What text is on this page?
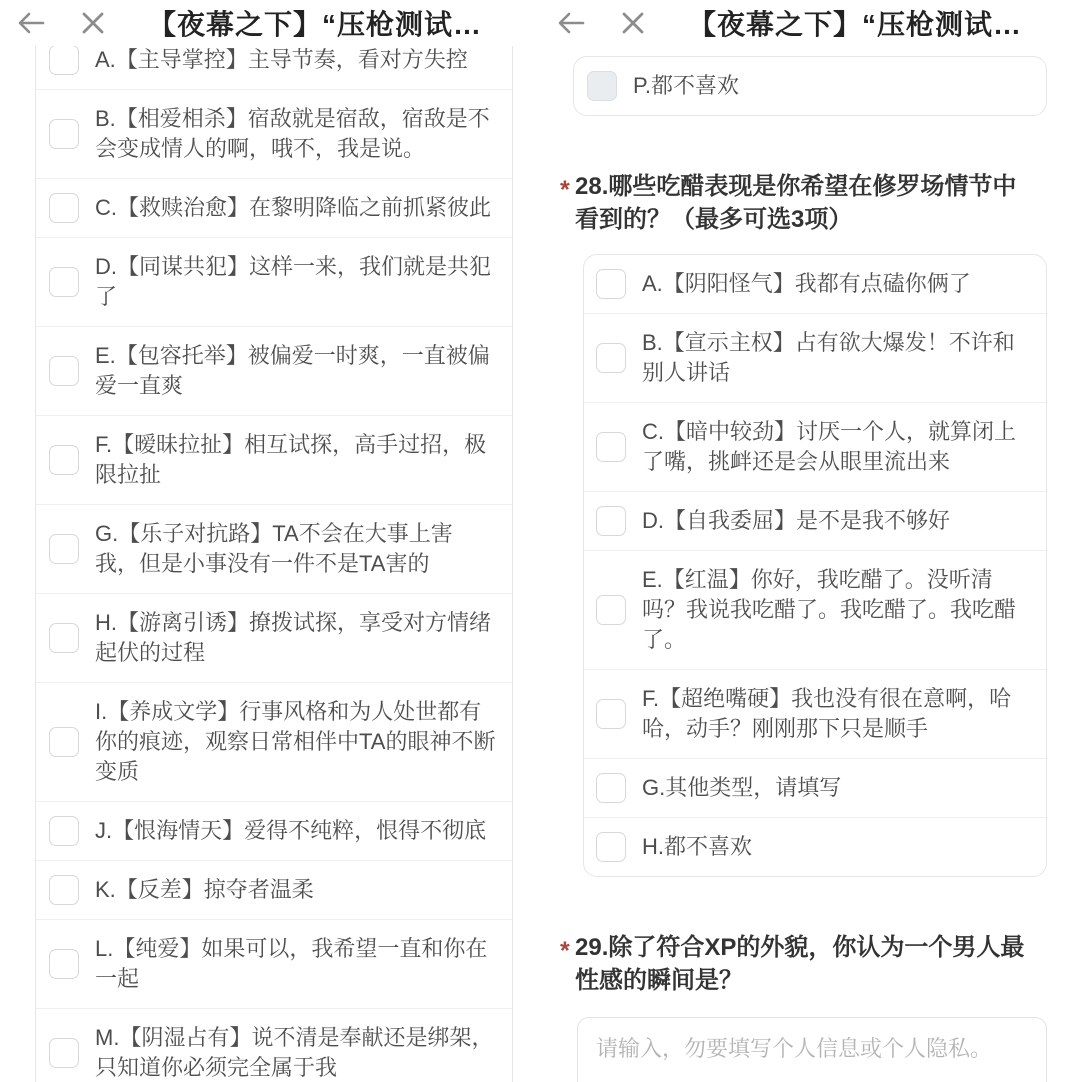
【夜幕之下】“压枪测试…
A.【主导掌控】主导节奏，看对方失控
B.【相爱相杀】宿敌就是宿敌，宿敌是不会变成情人的啊，哦不，我是说。
C.【救赎治愈】在黎明降临之前抓紧彼此
D.【同谋共犯】这样一来，我们就是共犯了
E.【包容托举】被偏爱一时爽，一直被偏爱一直爽
F.【暧昧拉扯】相互试探，高手过招，极限拉扯
G.【乐子对抗路】TA不会在大事上害我，但是小事没有一件不是TA害的
H.【游离引诱】撩拨试探，享受对方情绪起伏的过程
I.【养成文学】行事风格和为人处世都有你的痕迹，观察日常相伴中TA的眼神不断变质
J.【恨海情天】爱得不纯粹，恨得不彻底
K.【反差】掠夺者温柔
L.【纯爱】如果可以，我希望一直和你在一起
M.【阴湿占有】说不清是奉献还是绑架，只知道你必须完全属于我
【夜幕之下】“压枪测试…
P.都不喜欢
* 28.哪些吃醋表现是你希望在修罗场情节中看到的？（最多可选3项）
A.【阴阳怪气】我都有点磕你俩了
B.【宣示主权】占有欲大爆发！不许和别人讲话
C.【暗中较劲】讨厌一个人，就算闭上了嘴，挑衅还是会从眼里流出来
D.【自我委屈】是不是我不够好
E.【红温】你好，我吃醋了。没听清吗？我说我吃醋了。我吃醋了。我吃醋了。
F.【超绝嘴硬】我也没有很在意啊，哈哈，动手？刚刚那下只是顺手
G.其他类型，请填写
H.都不喜欢
* 29.除了符合XP的外貌，你认为一个男人最性感的瞬间是？
请输入，勿要填写个人信息或个人隐私。
